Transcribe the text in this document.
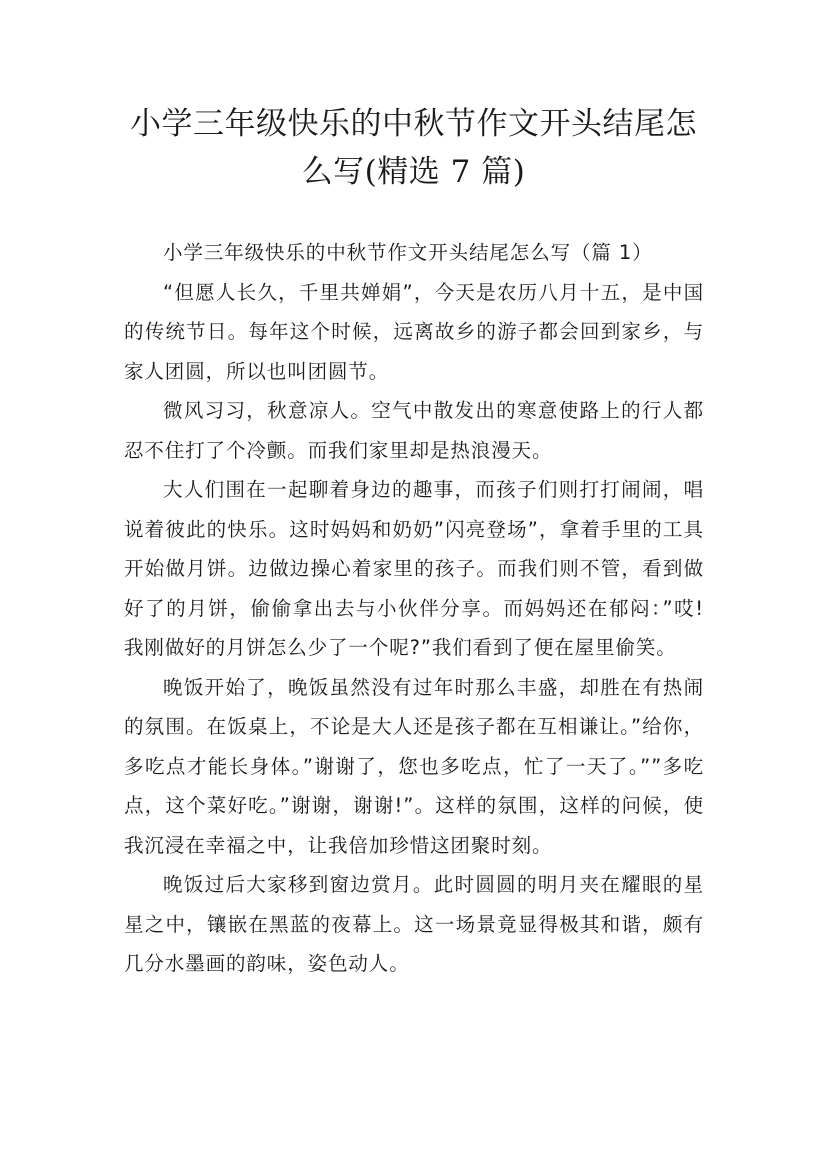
小学三年级快乐的中秋节作文开头结尾怎么写(精选 7 篇)

小学三年级快乐的中秋节作文开头结尾怎么写（篇 1）

“但愿人长久，千里共婵娟”，今天是农历八月十五，是中国的传统节日。每年这个时候，远离故乡的游子都会回到家乡，与家人团圆，所以也叫团圆节。

微风习习，秋意凉人。空气中散发出的寒意使路上的行人都忍不住打了个冷颤。而我们家里却是热浪漫天。

大人们围在一起聊着身边的趣事，而孩子们则打打闹闹，唱说着彼此的快乐。这时妈妈和奶奶”闪亮登场”，拿着手里的工具开始做月饼。边做边操心着家里的孩子。而我们则不管，看到做好了的月饼，偷偷拿出去与小伙伴分享。而妈妈还在郁闷：”哎!我刚做好的月饼怎么少了一个呢?”我们看到了便在屋里偷笑。

晚饭开始了，晚饭虽然没有过年时那么丰盛，却胜在有热闹的氛围。在饭桌上，不论是大人还是孩子都在互相谦让。”给你，多吃点才能长身体。”谢谢了，您也多吃点，忙了一天了。””多吃点，这个菜好吃。”谢谢，谢谢!”。这样的氛围，这样的问候，使我沉浸在幸福之中，让我倍加珍惜这团聚时刻。

晚饭过后大家移到窗边赏月。此时圆圆的明月夹在耀眼的星星之中，镶嵌在黑蓝的夜幕上。这一场景竟显得极其和谐，颇有几分水墨画的韵味，姿色动人。
